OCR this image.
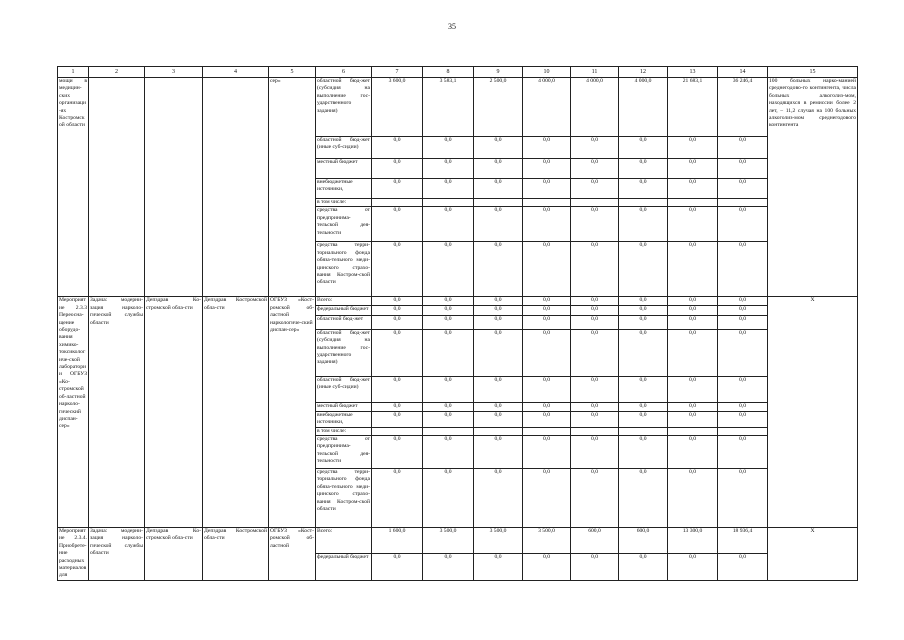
35
1	2	3	4	5	6	7	8	9	10	11	12	13	14	15
мощи в медицин-ских организаци-ях Костромской области				сер»	областной бюд-жет (субсидия на выполнение гос-ударственного задания)	3 600,0	3 583,1	2 500,0	4 000,0	4 000,0	4 000,0	21 683,1	36 246,4	100 больных нарко-манией среднегодово-го контингента, числа больных алкоголиз-мом, находящихся в ремиссии более 2 лет, – 11,2 случая на 100 больных алкоголиз-мом среднегодового контингента
					областной бюд-жет (иные суб-сидии)	0,0	0,0	0,0	0,0	0,0	0,0	0,0	0,0	
					местный бюджет	0,0	0,0	0,0	0,0	0,0	0,0	0,0	0,0	
					внебюджетные источники,	0,0	0,0	0,0	0,0	0,0	0,0	0,0	0,0	
					в том числе:									
					средства от предпринима-тельской дея-тельности	0,0	0,0	0,0	0,0	0,0	0,0	0,0	0,0	
					средства терри-ториального фонда обяза-тельного меди-цинского страхо-вания Костром-ской области	0,0	0,0	0,0	0,0	0,0	0,0	0,0	0,0	
Мероприятие 2.3.3 Переосна-щение оборудо-вания химико-токсикологиче-ской лаборатории ОГБУЗ «Ко-стромской об-ластной нарколо-гический диспан-сер»	Задача: модерни-зация нарколо-гической службы области	Депздрав Ко-стромской обла-сти	Депздрав Костромской обла-сти	ОГБУЗ «Кост-ромской об-ластной наркологиче-ский диспан-сер»	Всего:	0,0	0,0	0,0	0,0	0,0	0,0	0,0	0,0	X
					федеральный бюджет	0,0	0,0	0,0	0,0	0,0	0,0	0,0	0,0	
					областной бюд-жет	0,0	0,0	0,0	0,0	0,0	0,0	0,0	0,0	
					областной бюд-жет (субсидия на выполнение гос-ударственного задания)	0,0	0,0	0,0	0,0	0,0	0,0	0,0	0,0	
					областной бюд-жет (иные суб-сидии)	0,0	0,0	0,0	0,0	0,0	0,0	0,0	0,0	
					местный бюджет	0,0	0,0	0,0	0,0	0,0	0,0	0,0	0,0	
					внебюджетные источники,	0,0	0,0	0,0	0,0	0,0	0,0	0,0	0,0	
					в том числе:									
					средства от предпринима-тельской дея-тельности	0,0	0,0	0,0	0,0	0,0	0,0	0,0	0,0	
					средства терри-ториального фонда обяза-тельного меди-цинского страхо-вания Костром-ской области	0,0	0,0	0,0	0,0	0,0	0,0	0,0	0,0	
Мероприятие 2.3.4. Приобрете-ние расходных материалов для	Задача: модерни-зация нарколо-гической службы области	Депздрав Ко-стромской обла-сти	Депздрав Костромской обла-сти	ОГБУЗ «Кост-ромской об-ластной	Всего:	1 600,0	3 500,0	3 500,0	3 500,0	600,0	600,0	13 300,0	18 936,4	X
					федеральный бюджет	0,0	0,0	0,0	0,0	0,0	0,0	0,0	0,0	
